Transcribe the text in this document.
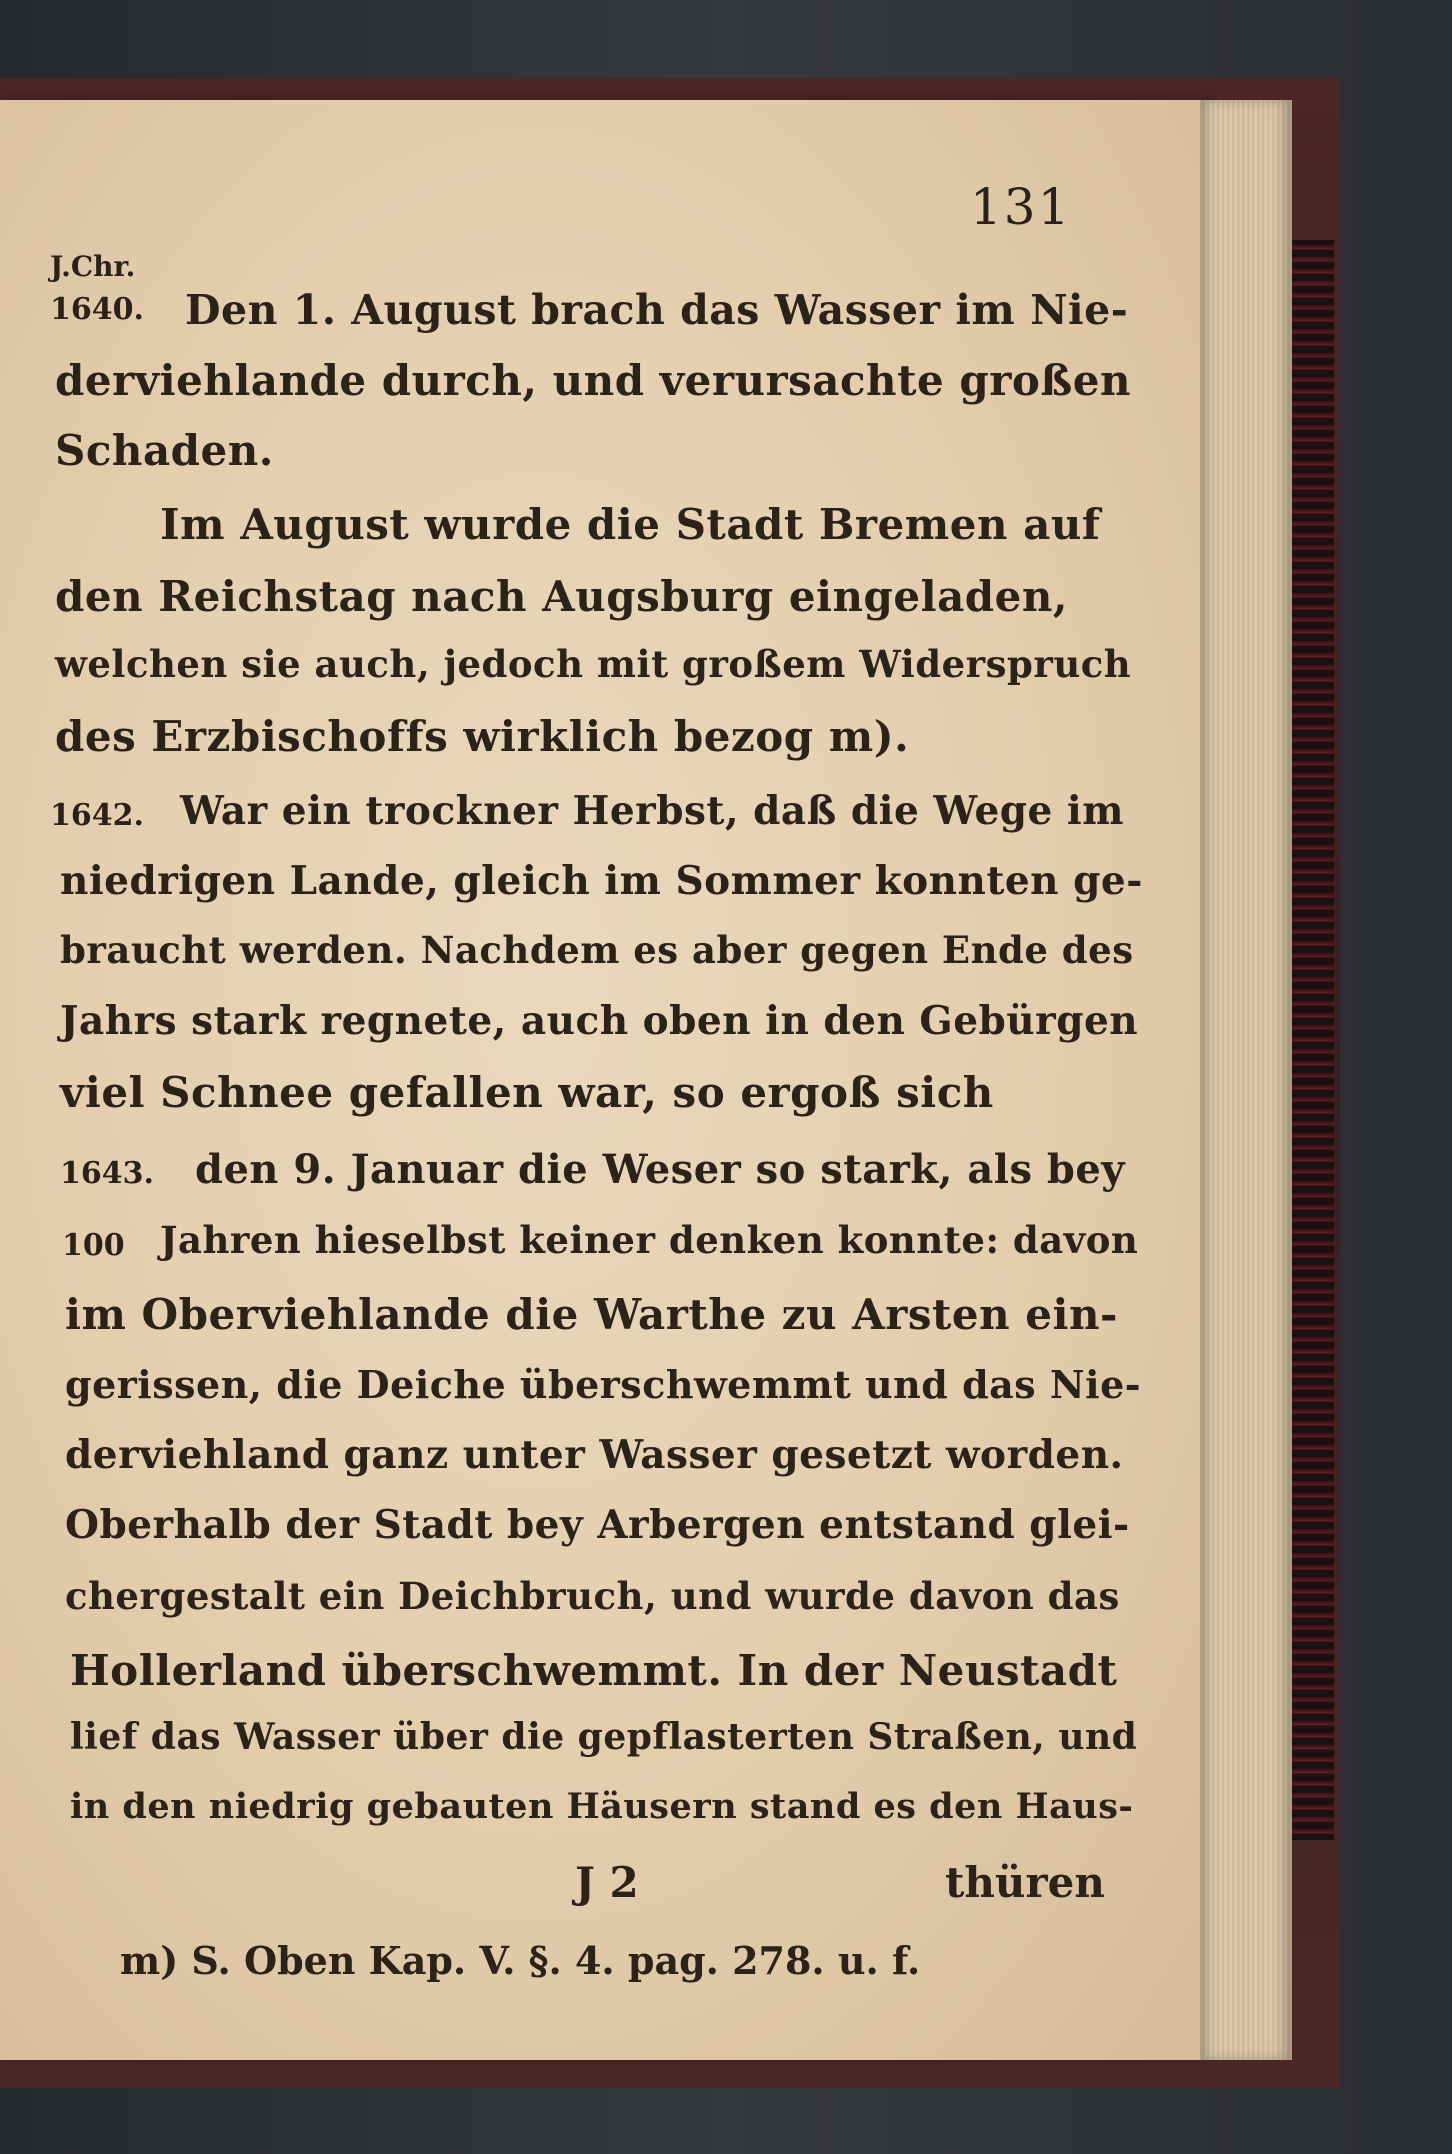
131
J.Chr.
1640.
1642.
1643.
100
Den 1. August brach das Wasser im Nie-
derviehlande durch, und verursachte großen
Schaden.
Im August wurde die Stadt Bremen auf
den Reichstag nach Augsburg eingeladen,
welchen sie auch, jedoch mit großem Widerspruch
des Erzbischoffs wirklich bezog m).
War ein trockner Herbst, daß die Wege im
niedrigen Lande, gleich im Sommer konnten ge-
braucht werden. Nachdem es aber gegen Ende des
Jahrs stark regnete, auch oben in den Gebürgen
viel Schnee gefallen war, so ergoß sich
den 9. Januar die Weser so stark, als bey
Jahren hieselbst keiner denken konnte: davon
im Oberviehlande die Warthe zu Arsten ein-
gerissen, die Deiche überschwemmt und das Nie-
derviehland ganz unter Wasser gesetzt worden.
Oberhalb der Stadt bey Arbergen entstand glei-
chergestalt ein Deichbruch, und wurde davon das
Hollerland überschwemmt. In der Neustadt
lief das Wasser über die gepflasterten Straßen, und
in den niedrig gebauten Häusern stand es den Haus-
J 2	thüren
m) S. Oben Kap. V. §. 4. pag. 278. u. f.
